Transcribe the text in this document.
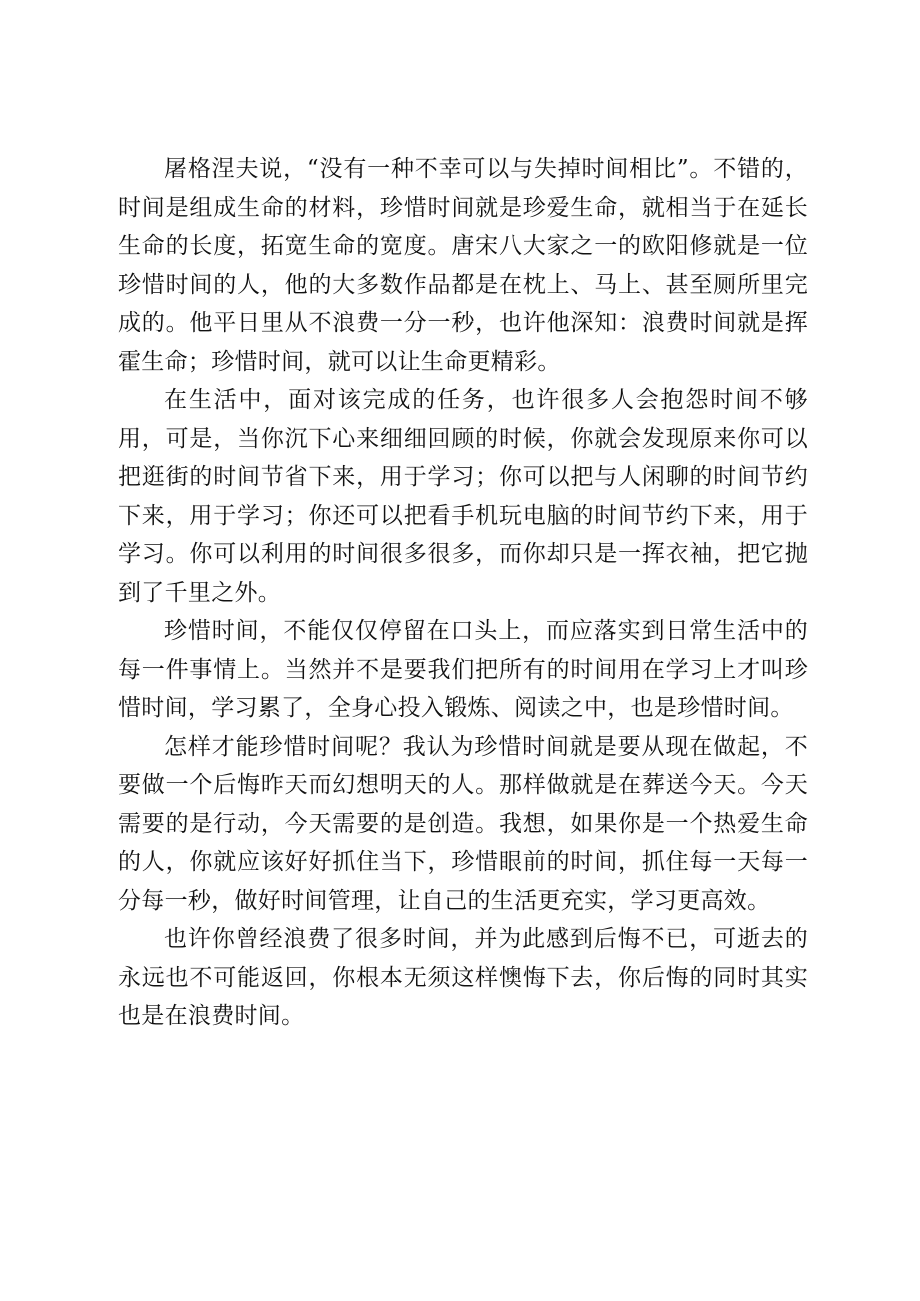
屠格涅夫说，“没有一种不幸可以与失掉时间相比”。不错的，时间是组成生命的材料，珍惜时间就是珍爱生命，就相当于在延长生命的长度，拓宽生命的宽度。唐宋八大家之一的欧阳修就是一位珍惜时间的人，他的大多数作品都是在枕上、马上、甚至厕所里完成的。他平日里从不浪费一分一秒，也许他深知：浪费时间就是挥霍生命；珍惜时间，就可以让生命更精彩。

在生活中，面对该完成的任务，也许很多人会抱怨时间不够用，可是，当你沉下心来细细回顾的时候，你就会发现原来你可以把逛街的时间节省下来，用于学习；你可以把与人闲聊的时间节约下来，用于学习；你还可以把看手机玩电脑的时间节约下来，用于学习。你可以利用的时间很多很多，而你却只是一挥衣袖，把它抛到了千里之外。

珍惜时间，不能仅仅停留在口头上，而应落实到日常生活中的每一件事情上。当然并不是要我们把所有的时间用在学习上才叫珍惜时间，学习累了，全身心投入锻炼、阅读之中，也是珍惜时间。

怎样才能珍惜时间呢？我认为珍惜时间就是要从现在做起，不要做一个后悔昨天而幻想明天的人。那样做就是在葬送今天。今天需要的是行动，今天需要的是创造。我想，如果你是一个热爱生命的人，你就应该好好抓住当下，珍惜眼前的时间，抓住每一天每一分每一秒，做好时间管理，让自己的生活更充实，学习更高效。

也许你曾经浪费了很多时间，并为此感到后悔不已，可逝去的永远也不可能返回，你根本无须这样懊悔下去，你后悔的同时其实也是在浪费时间。
